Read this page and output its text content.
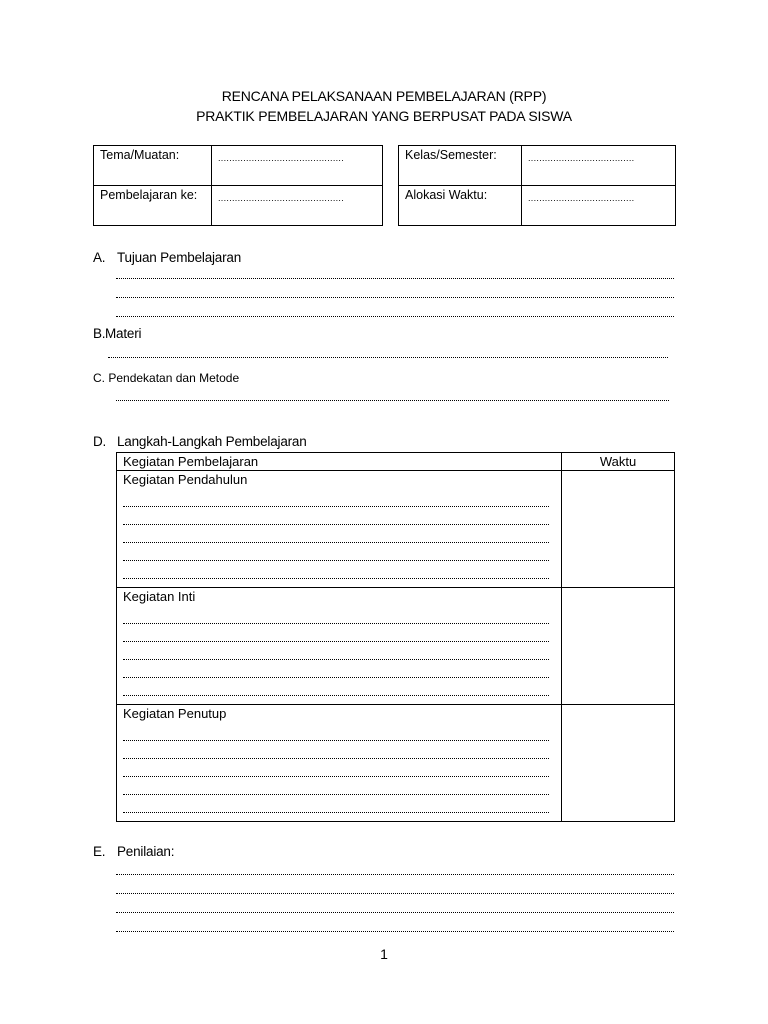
RENCANA PELAKSANAAN PEMBELAJARAN (RPP)
PRAKTIK PEMBELAJARAN YANG BERPUSAT PADA SISWA
Tema/Muatan:	.............................................
Pembelajaran ke:	.............................................
Kelas/Semester:	......................................
Alokasi Waktu:	......................................
A. Tujuan Pembelajaran
B.Materi
C. Pendekatan dan Metode
D. Langkah-Langkah Pembelajaran
Kegiatan Pembelajaran	Waktu

Kegiatan Pendahulun	

Kegiatan Inti	

Kegiatan Penutup	

E. Penilaian:
1
